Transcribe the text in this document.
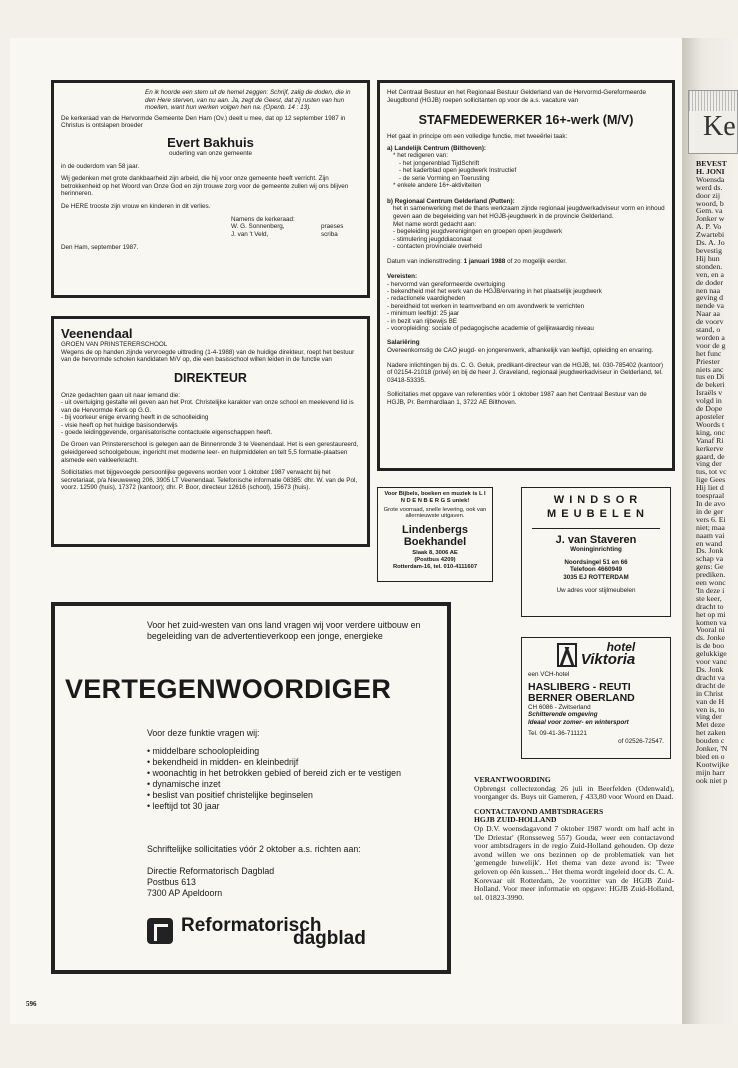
En ik hoorde een stem uit de hemel zeggen: Schrijf, zalig de doden, die in den Here sterven, van nu aan. Ja, zegt de Geest, dat zij rusten van hun moeiten, want hun werken volgen hen na. (Openb. 14 : 13).

De kerkeraad van de Hervormde Gemeente Den Ham (Ov.) deelt u mee, dat op 12 september 1987 in Christus is ontslapen broeder

Evert Bakhuis
ouderling van onze gemeente

in de ouderdom van 58 jaar.

Wij gedenken met grote dankbaarheid zijn arbeid, die hij voor onze gemeente heeft verricht. Zijn betrokkenheid op het Woord van Onze God en zijn trouwe zorg voor de gemeente zullen wij ons blijven herinneren.

De HERE trooste zijn vrouw en kinderen in dit verlies.

Namens de kerkeraad:
W. G. Sonnenberg,	praeses
J. van 't Veld,	scriba

Den Ham, september 1987.

Veenendaal
GROEN VAN PRINSTERERSCHOOL
Wegens de op handen zijnde vervroegde uittreding (1-4-1988) van de huidige direkteur, roept het bestuur van de hervormde scholen kandidaten M/V op, die een basisschool willen leiden in de functie van
DIREKTEUR
Onze gedachten gaan uit naar iemand die:
- uit overtuiging gestalte wil geven aan het Prot. Christelijke karakter van onze school en meelevend lid is van de Hervormde Kerk op G.G.
- bij voorkeur enige ervaring heeft in de schoolleiding
- visie heeft op het huidige basisonderwijs
- goede leidinggevende, organisatorische contactuele eigenschappen heeft.

De Groen van Prinstererschool is gelegen aan de Binnenronde 3 te Veenendaal. Het is een gerestaureerd, geleidgereed schoolgebouw, ingericht met moderne leer- en hulpmiddelen en telt 5,5 formatie-plaatsen alsmede een vakleerkracht.

Sollicitaties met bijgevoegde persoonlijke gegevens worden voor 1 oktober 1987 verwacht bij het secretariaat, p/a Nieuweweg 206, 3905 LT Veenendaal. Telefonische informatie 08385: dhr. W. van de Pol, voorz. 12590 (huis), 17372 (kantoor); dhr. P. Boor, directeur 12616 (school), 15673 (huis).

Het Centraal Bestuur en het Regionaal Bestuur Gelderland van de Hervormd-Gereformeerde Jeugdbond (HGJB) roepen sollicitanten op voor de a.s. vacature van
STAFMEDEWERKER 16+-werk (M/V)
Het gaat in principe om een volledige functie, met tweeërlei taak:
a) Landelijk Centrum (Bilthoven):
* het redigeren van:
- het jongerenblad TijdSchrift
- het kaderblad open jeugdwerk Instructief
- de serie Vorming en Toerusting
* enkele andere 16+-aktiviteiten
b) Regionaal Centrum Gelderland (Putten):
het in samenwerking met de thans werkzaam zijnde regionaal jeugdwerkadviseur vorm en inhoud geven aan de begeleiding van het HGJB-jeugdwerk in de provincie Gelderland.
Met name wordt gedacht aan:
- begeleiding jeugdverenigingen en groepen open jeugdwerk
- stimulering jeugddiaconaat
- contacten provinciale overheid

Datum van indiensttreding: 1 januari 1988 of zo mogelijk eerder.

Vereisten:
- hervormd van gereformeerde overtuiging
- bekendheid met het werk van de HGJB/ervaring in het plaatselijk jeugdwerk
- redactionele vaardigheden
- bereidheid tot werken in teamverband en om avondwerk te verrichten
- minimum leeftijd: 25 jaar
- in bezit van rijbewijs BE
- vooropleiding: sociale of pedagogische academie of gelijkwaardig niveau
Salariëring
Overeenkomstig de CAO jeugd- en jongerenwerk, afhankelijk van leeftijd, opleiding en ervaring.

Nadere inlichtingen bij ds. C. G. Geluk, predikant-directeur van de HGJB, tel. 030-785402 (kantoor) of 02154-21018 (privé) en bij de heer J. Graveland, regionaal jeugdwerkadviseur in Gelderland, tel. 03418-53335.

Sollicitaties met opgave van referenties vóór 1 oktober 1987 aan het Centraal Bestuur van de HGJB, Pr. Bernhardlaan 1, 3722 AE Bilthoven.

Voor Bijbels, boeken en muziek is L I N D E N B E R G S uniek!
Grote voorraad, snelle levering, ook van allernieuwste uitgaven.
Lindenbergs
Boekhandel
Slaak 8, 3006 AE
(Postbus 4209)
Rotterdam-16, tel. 010-4111607
W I N D S O R
M E U B E L E N
J. van Staveren
Woninginrichting
Noordsingel 51 en 66
Telefoon 4660949
3035 EJ ROTTERDAM
Uw adres voor stijlmeubelen
hotel
Viktoria
een VCH-hotel
HASLIBERG - REUTI
BERNER OBERLAND
CH 6086 - Zwitserland
Schitterende omgeving
Ideaal voor zomer- en wintersport
Tel. 09-41-36-711121
of 02526-72547.
Voor het zuid-westen van ons land vragen wij voor verdere uitbouw en begeleiding van de advertentieverkoop een jonge, energieke
VERTEGENWOORDIGER
Voor deze funktie vragen wij:
• middelbare schoolopleiding
• bekendheid in midden- en kleinbedrijf
• woonachtig in het betrokken gebied of bereid zich er te vestigen
• dynamische inzet
• beslist van positief christelijke beginselen
• leeftijd tot 30 jaar
Schriftelijke sollicitaties vóór 2 oktober a.s. richten aan:
Directie Reformatorisch Dagblad
Postbus 613
7300 AP Apeldoorn
Reformatorisch
dagblad
VERANTWOORDING
Opbrengst collectezondag 26 juli in Beerfelden (Odenwald), voorganger ds. Buys uit Gameren, ƒ 433,80 voor Woord en Daad.
CONTACTAVOND AMBTSDRAGERS
HGJB ZUID-HOLLAND
Op D.V. woensdagavond 7 oktober 1987 wordt om half acht in 'De Driestar' (Ronsseweg 557) Gouda, weer een contactavond voor ambtsdragers in de regio Zuid-Holland gehouden. Op deze avond willen we ons bezinnen op de problematiek van het 'gemengde huwelijk'. Het thema van deze avond is: 'Twee geloven op één kussen...' Het thema wordt ingeleid door ds. C. A. Korevaar uit Rotterdam, 2e voorzitter van de HGJB Zuid-Holland. Voor meer informatie en opgave: HGJB Zuid-Holland, tel. 01823-3990.
Ke
BEVEST
H. JONI
Woensda
werd ds.
door zij
woord, b
Gem. va
Jonker w
A. P. Vo
Zwartebi
Ds. A. Jo
bevestig
Hij hun
stonden.
ven, en a
de doder
nen naa
geving d
nende va
Naar aa
de voorv
stand, o
worden a
voor de g
het func
Priester
niets anc
tus en Di
de bekeri
Israëls v
volgd in
de Dope
aposteler
Woords t
king, onc
Vanaf Ri
kerkerve
gaard, de
ving der
tus, tot vc
lige Gees
Hij liet d
toespraal
In de avo
in de ger
vers 6. Ei
niet; maa
naam vai
en wand
Ds. Jonk
schap va
gens: Ge
prediken.
een wonc
'In deze i
ste keer,
dracht to
het op mi
komen va
Vooral ni
ds. Jonke
is de boo
gelukkige
voor vanc
Ds. Jonk
dracht va
dracht de
in Christ
van de H
ven is, to
ving der
Met deze
het zaken
bouden c
Jonker, 'N
bied en o
Kootwijke
mijn harr
ook niet p
596
